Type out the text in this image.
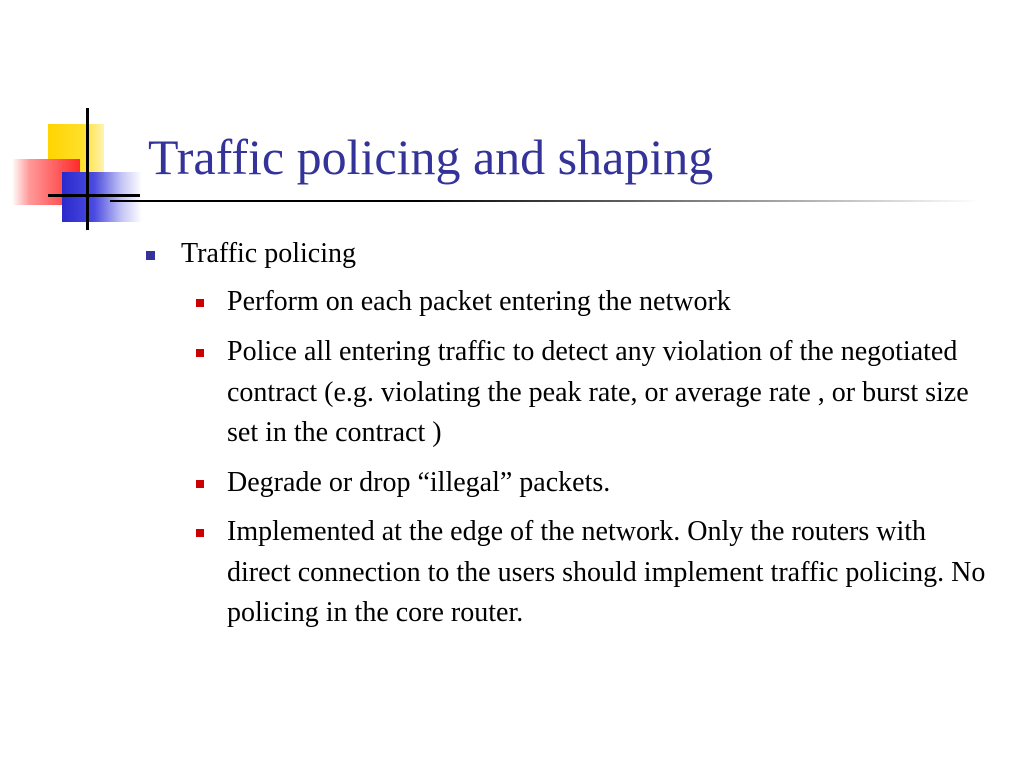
Traffic policing and shaping
Traffic policing
Perform on each packet entering the network
Police all entering traffic to detect any violation of the negotiated contract (e.g. violating the peak rate, or average rate , or burst size set in the contract )
Degrade or drop “illegal” packets.
Implemented at the edge of the network. Only the routers with direct connection to the users should implement traffic policing. No policing in the core router.
